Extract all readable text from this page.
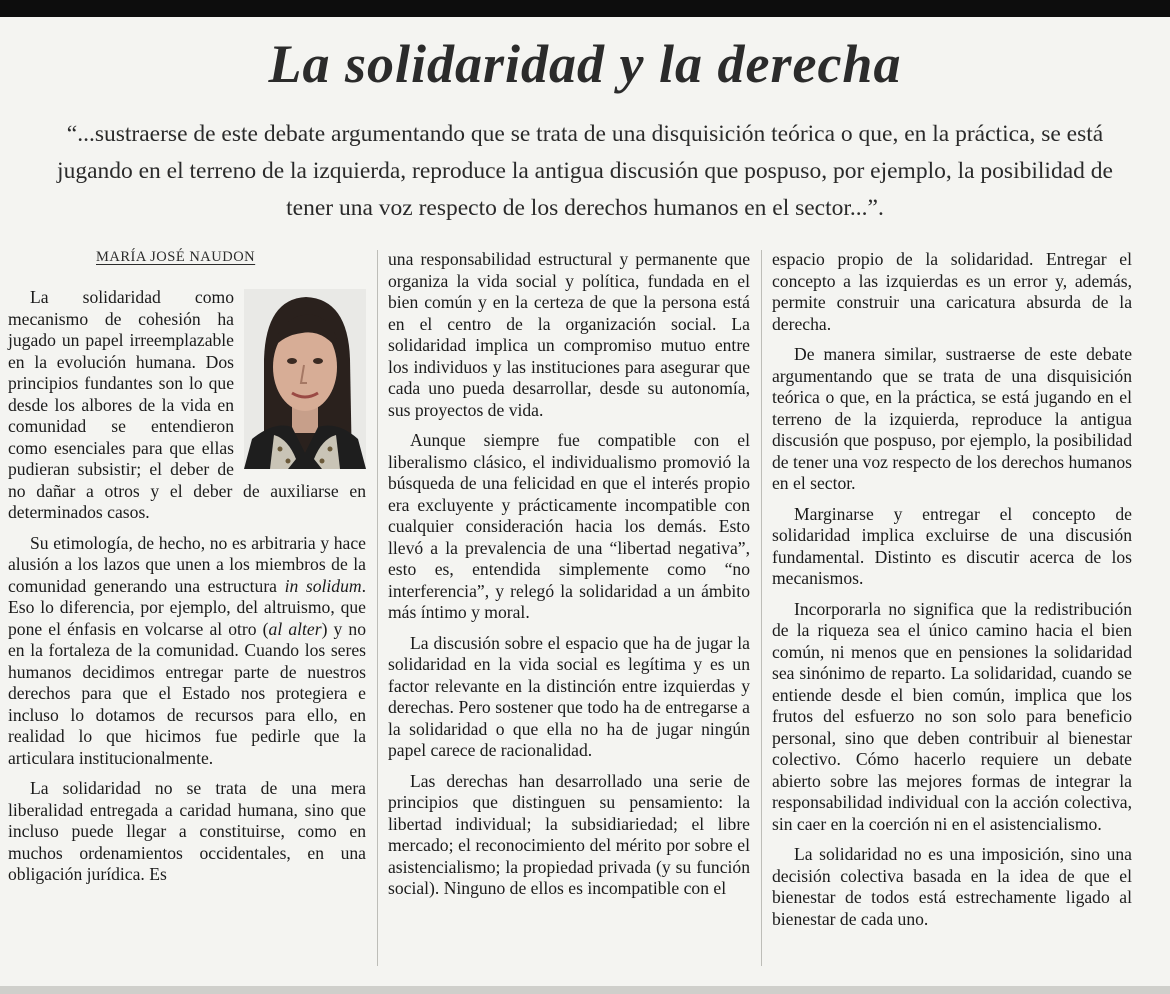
La solidaridad y la derecha

“...sustraerse de este debate argumentando que se trata de una disquisición teórica o que, en la práctica, se está jugando en el terreno de la izquierda, reproduce la antigua discusión que pospuso, por ejemplo, la posibilidad de tener una voz respecto de los derechos humanos en el sector...”.

MARÍA JOSÉ NAUDON

La solidaridad como mecanismo de cohesión ha jugado un papel irreemplazable en la evolución humana. Dos principios fundantes son lo que desde los albores de la vida en comunidad se entendieron como esenciales para que ellas pudieran subsistir; el deber de no dañar a otros y el deber de auxiliarse en determinados casos.

Su etimología, de hecho, no es arbitraria y hace alusión a los lazos que unen a los miembros de la comunidad generando una estructura in solidum. Eso lo diferencia, por ejemplo, del altruismo, que pone el énfasis en volcarse al otro (al alter) y no en la fortaleza de la comunidad. Cuando los seres humanos decidimos entregar parte de nuestros derechos para que el Estado nos protegiera e incluso lo dotamos de recursos para ello, en realidad lo que hicimos fue pedirle que la articulara institucionalmente.

La solidaridad no se trata de una mera liberalidad entregada a caridad humana, sino que incluso puede llegar a constituirse, como en muchos ordenamientos occidentales, en una obligación jurídica. Es

una responsabilidad estructural y permanente que organiza la vida social y política, fundada en el bien común y en la certeza de que la persona está en el centro de la organización social. La solidaridad implica un compromiso mutuo entre los individuos y las instituciones para asegurar que cada uno pueda desarrollar, desde su autonomía, sus proyectos de vida.

Aunque siempre fue compatible con el liberalismo clásico, el individualismo promovió la búsqueda de una felicidad en que el interés propio era excluyente y prácticamente incompatible con cualquier consideración hacia los demás. Esto llevó a la prevalencia de una “libertad negativa”, esto es, entendida simplemente como “no interferencia”, y relegó la solidaridad a un ámbito más íntimo y moral.

La discusión sobre el espacio que ha de jugar la solidaridad en la vida social es legítima y es un factor relevante en la distinción entre izquierdas y derechas. Pero sostener que todo ha de entregarse a la solidaridad o que ella no ha de jugar ningún papel carece de racionalidad.

Las derechas han desarrollado una serie de principios que distinguen su pensamiento: la libertad individual; la subsidiariedad; el libre mercado; el reconocimiento del mérito por sobre el asistencialismo; la propiedad privada (y su función social). Ninguno de ellos es incompatible con el

espacio propio de la solidaridad. Entregar el concepto a las izquierdas es un error y, además, permite construir una caricatura absurda de la derecha.

De manera similar, sustraerse de este debate argumentando que se trata de una disquisición teórica o que, en la práctica, se está jugando en el terreno de la izquierda, reproduce la antigua discusión que pospuso, por ejemplo, la posibilidad de tener una voz respecto de los derechos humanos en el sector.

Marginarse y entregar el concepto de solidaridad implica excluirse de una discusión fundamental. Distinto es discutir acerca de los mecanismos.

Incorporarla no significa que la redistribución de la riqueza sea el único camino hacia el bien común, ni menos que en pensiones la solidaridad sea sinónimo de reparto. La solidaridad, cuando se entiende desde el bien común, implica que los frutos del esfuerzo no son solo para beneficio personal, sino que deben contribuir al bienestar colectivo. Cómo hacerlo requiere un debate abierto sobre las mejores formas de integrar la responsabilidad individual con la acción colectiva, sin caer en la coerción ni en el asistencialismo.

La solidaridad no es una imposición, sino una decisión colectiva basada en la idea de que el bienestar de todos está estrechamente ligado al bienestar de cada uno.
